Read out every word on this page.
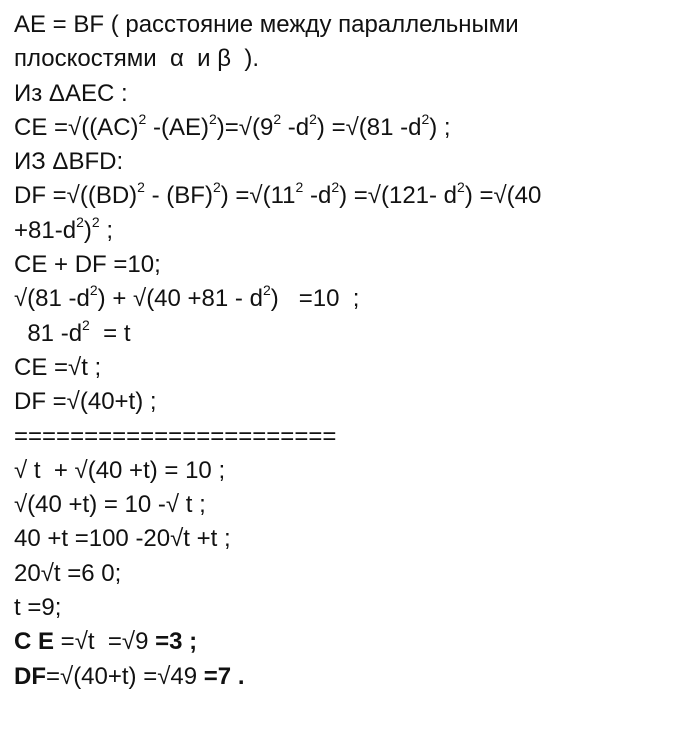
AE = BF ( расстояние между параллельными
плоскостями  α  и β  ).
Из ΔАЕС :
CE =√((AC)$^2$ $-(AE)^2)=√(9^2$ $-d^2) =√(81$ $-d^2$) ;
ИЗ ΔBFD:
DF $=√((BD)^2 - (BF)^2) =√(11^2$ $-d^2) =√(121-$ $d^2) =√(40$
$+81-d^2)^2$ ;
CE + DF =10;
√(81 $-d^2) + √(40 +81 - d^2) =10$  ;
81 $-d^2 = t$
CE =√t ;
DF =√(40+t) ;
=======================
√ t  + √(40 +t) = 10 ;
√(40 +t) = 10 -√ t ;
40 +t =100 -20√t +t ;
20√t =6 0;
t =9;
C E =√t  =√9 =3 ;
DF=√(40+t) =√49 =7 .
